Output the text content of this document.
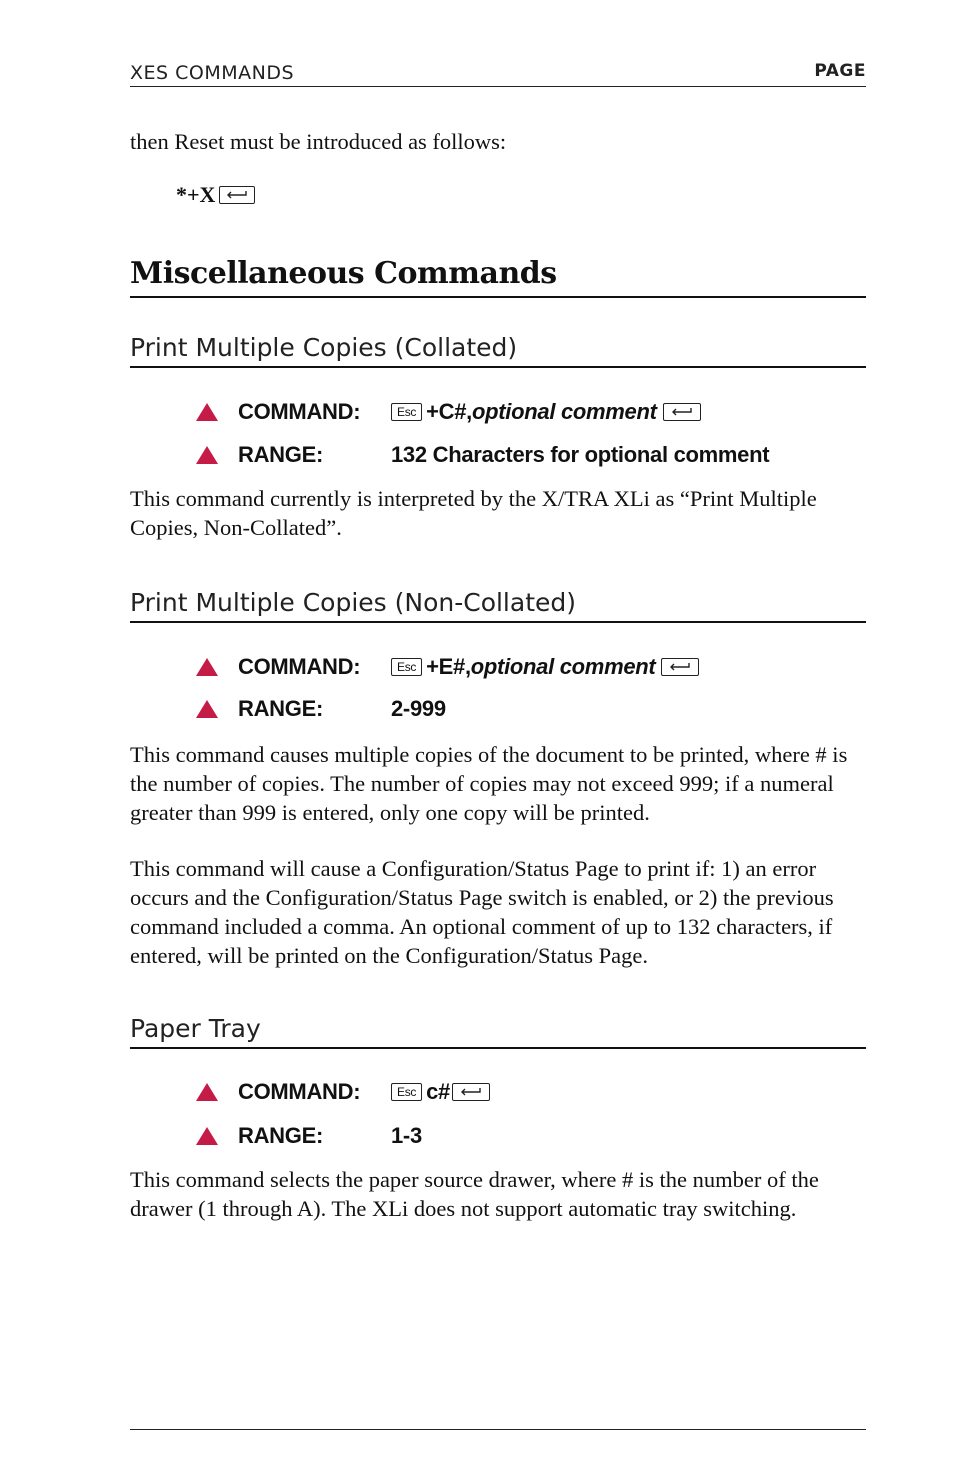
XES COMMANDS	PAGE
then Reset must be introduced as follows:
*+X
Miscellaneous Commands
Print Multiple Copies (Collated)
COMMAND:	Esc +C#, optional comment
RANGE:	132 Characters for optional comment
This command currently is interpreted by the X/TRA XLi as “Print Multiple Copies, Non-Collated”.
Print Multiple Copies (Non-Collated)
COMMAND:	Esc +E#, optional comment
RANGE:	2-999
This command causes multiple copies of the document to be printed, where # is the number of copies. The number of copies may not exceed 999; if a numeral greater than 999 is entered, only one copy will be printed.
This command will cause a Configuration/Status Page to print if: 1) an error occurs and the Configuration/Status Page switch is enabled, or 2) the previous command included a comma. An optional comment of up to 132 characters, if entered, will be printed on the Configuration/Status Page.
Paper Tray
COMMAND:	Esc c#
RANGE:	1-3
This command selects the paper source drawer, where # is the number of the drawer (1 through A). The XLi does not support automatic tray switching.
